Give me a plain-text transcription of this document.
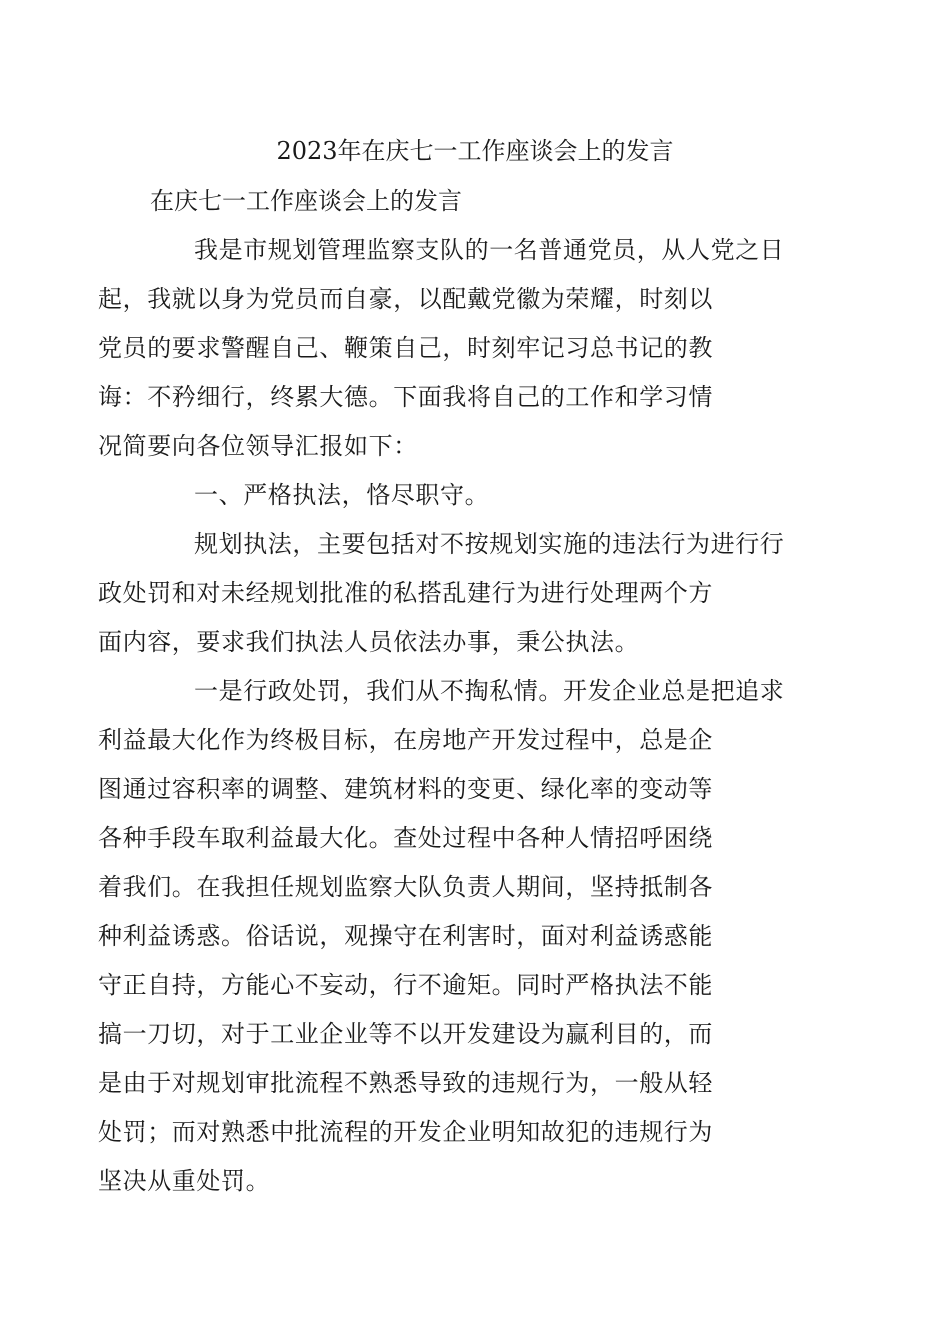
2023年在庆七一工作座谈会上的发言
在庆七一工作座谈会上的发言

我是市规划管理监察支队的一名普通党员，从人党之日
起，我就以身为党员而自豪，以配戴党徽为荣耀，时刻以
党员的要求警醒自己、鞭策自己，时刻牢记习总书记的教
诲：不矜细行，终累大德。下面我将自己的工作和学习情
况简要向各位领导汇报如下：

一、严格执法，恪尽职守。

规划执法，主要包括对不按规划实施的违法行为进行行
政处罚和对未经规划批准的私搭乱建行为进行处理两个方
面内容，要求我们执法人员依法办事，秉公执法。

一是行政处罚，我们从不掏私情。开发企业总是把追求
利益最大化作为终极目标，在房地产开发过程中，总是企
图通过容积率的调整、建筑材料的变更、绿化率的变动等
各种手段车取利益最大化。查处过程中各种人情招呼困绕
着我们。在我担任规划监察大队负责人期间，坚持抵制各
种利益诱惑。俗话说，观操守在利害时，面对利益诱惑能
守正自持，方能心不妄动，行不逾矩。同时严格执法不能
搞一刀切，对于工业企业等不以开发建设为赢利目的，而
是由于对规划审批流程不熟悉导致的违规行为，一般从轻
处罚；而对熟悉中批流程的开发企业明知故犯的违规行为
坚决从重处罚。
